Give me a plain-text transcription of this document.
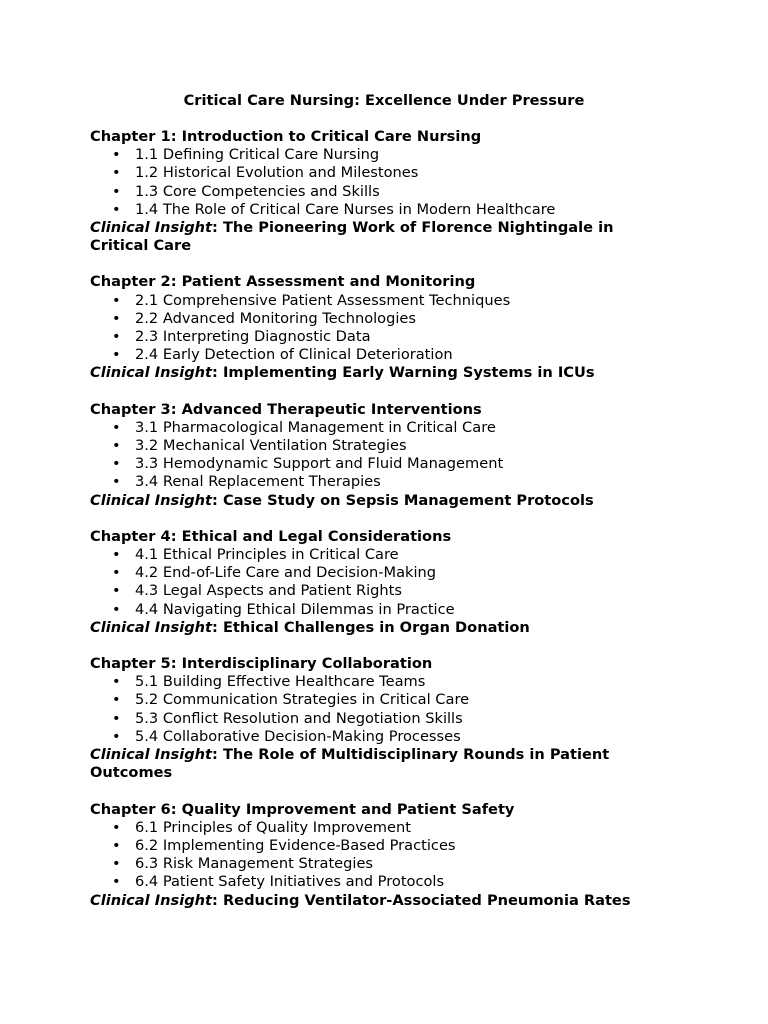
Critical Care Nursing: Excellence Under Pressure
Chapter 1: Introduction to Critical Care Nursing
• 1.1 Defining Critical Care Nursing
• 1.2 Historical Evolution and Milestones
• 1.3 Core Competencies and Skills
• 1.4 The Role of Critical Care Nurses in Modern Healthcare
Clinical Insight: The Pioneering Work of Florence Nightingale in Critical Care
Chapter 2: Patient Assessment and Monitoring
• 2.1 Comprehensive Patient Assessment Techniques
• 2.2 Advanced Monitoring Technologies
• 2.3 Interpreting Diagnostic Data
• 2.4 Early Detection of Clinical Deterioration
Clinical Insight: Implementing Early Warning Systems in ICUs
Chapter 3: Advanced Therapeutic Interventions
• 3.1 Pharmacological Management in Critical Care
• 3.2 Mechanical Ventilation Strategies
• 3.3 Hemodynamic Support and Fluid Management
• 3.4 Renal Replacement Therapies
Clinical Insight: Case Study on Sepsis Management Protocols
Chapter 4: Ethical and Legal Considerations
• 4.1 Ethical Principles in Critical Care
• 4.2 End-of-Life Care and Decision-Making
• 4.3 Legal Aspects and Patient Rights
• 4.4 Navigating Ethical Dilemmas in Practice
Clinical Insight: Ethical Challenges in Organ Donation
Chapter 5: Interdisciplinary Collaboration
• 5.1 Building Effective Healthcare Teams
• 5.2 Communication Strategies in Critical Care
• 5.3 Conflict Resolution and Negotiation Skills
• 5.4 Collaborative Decision-Making Processes
Clinical Insight: The Role of Multidisciplinary Rounds in Patient Outcomes
Chapter 6: Quality Improvement and Patient Safety
• 6.1 Principles of Quality Improvement
• 6.2 Implementing Evidence-Based Practices
• 6.3 Risk Management Strategies
• 6.4 Patient Safety Initiatives and Protocols
Clinical Insight: Reducing Ventilator-Associated Pneumonia Rates
